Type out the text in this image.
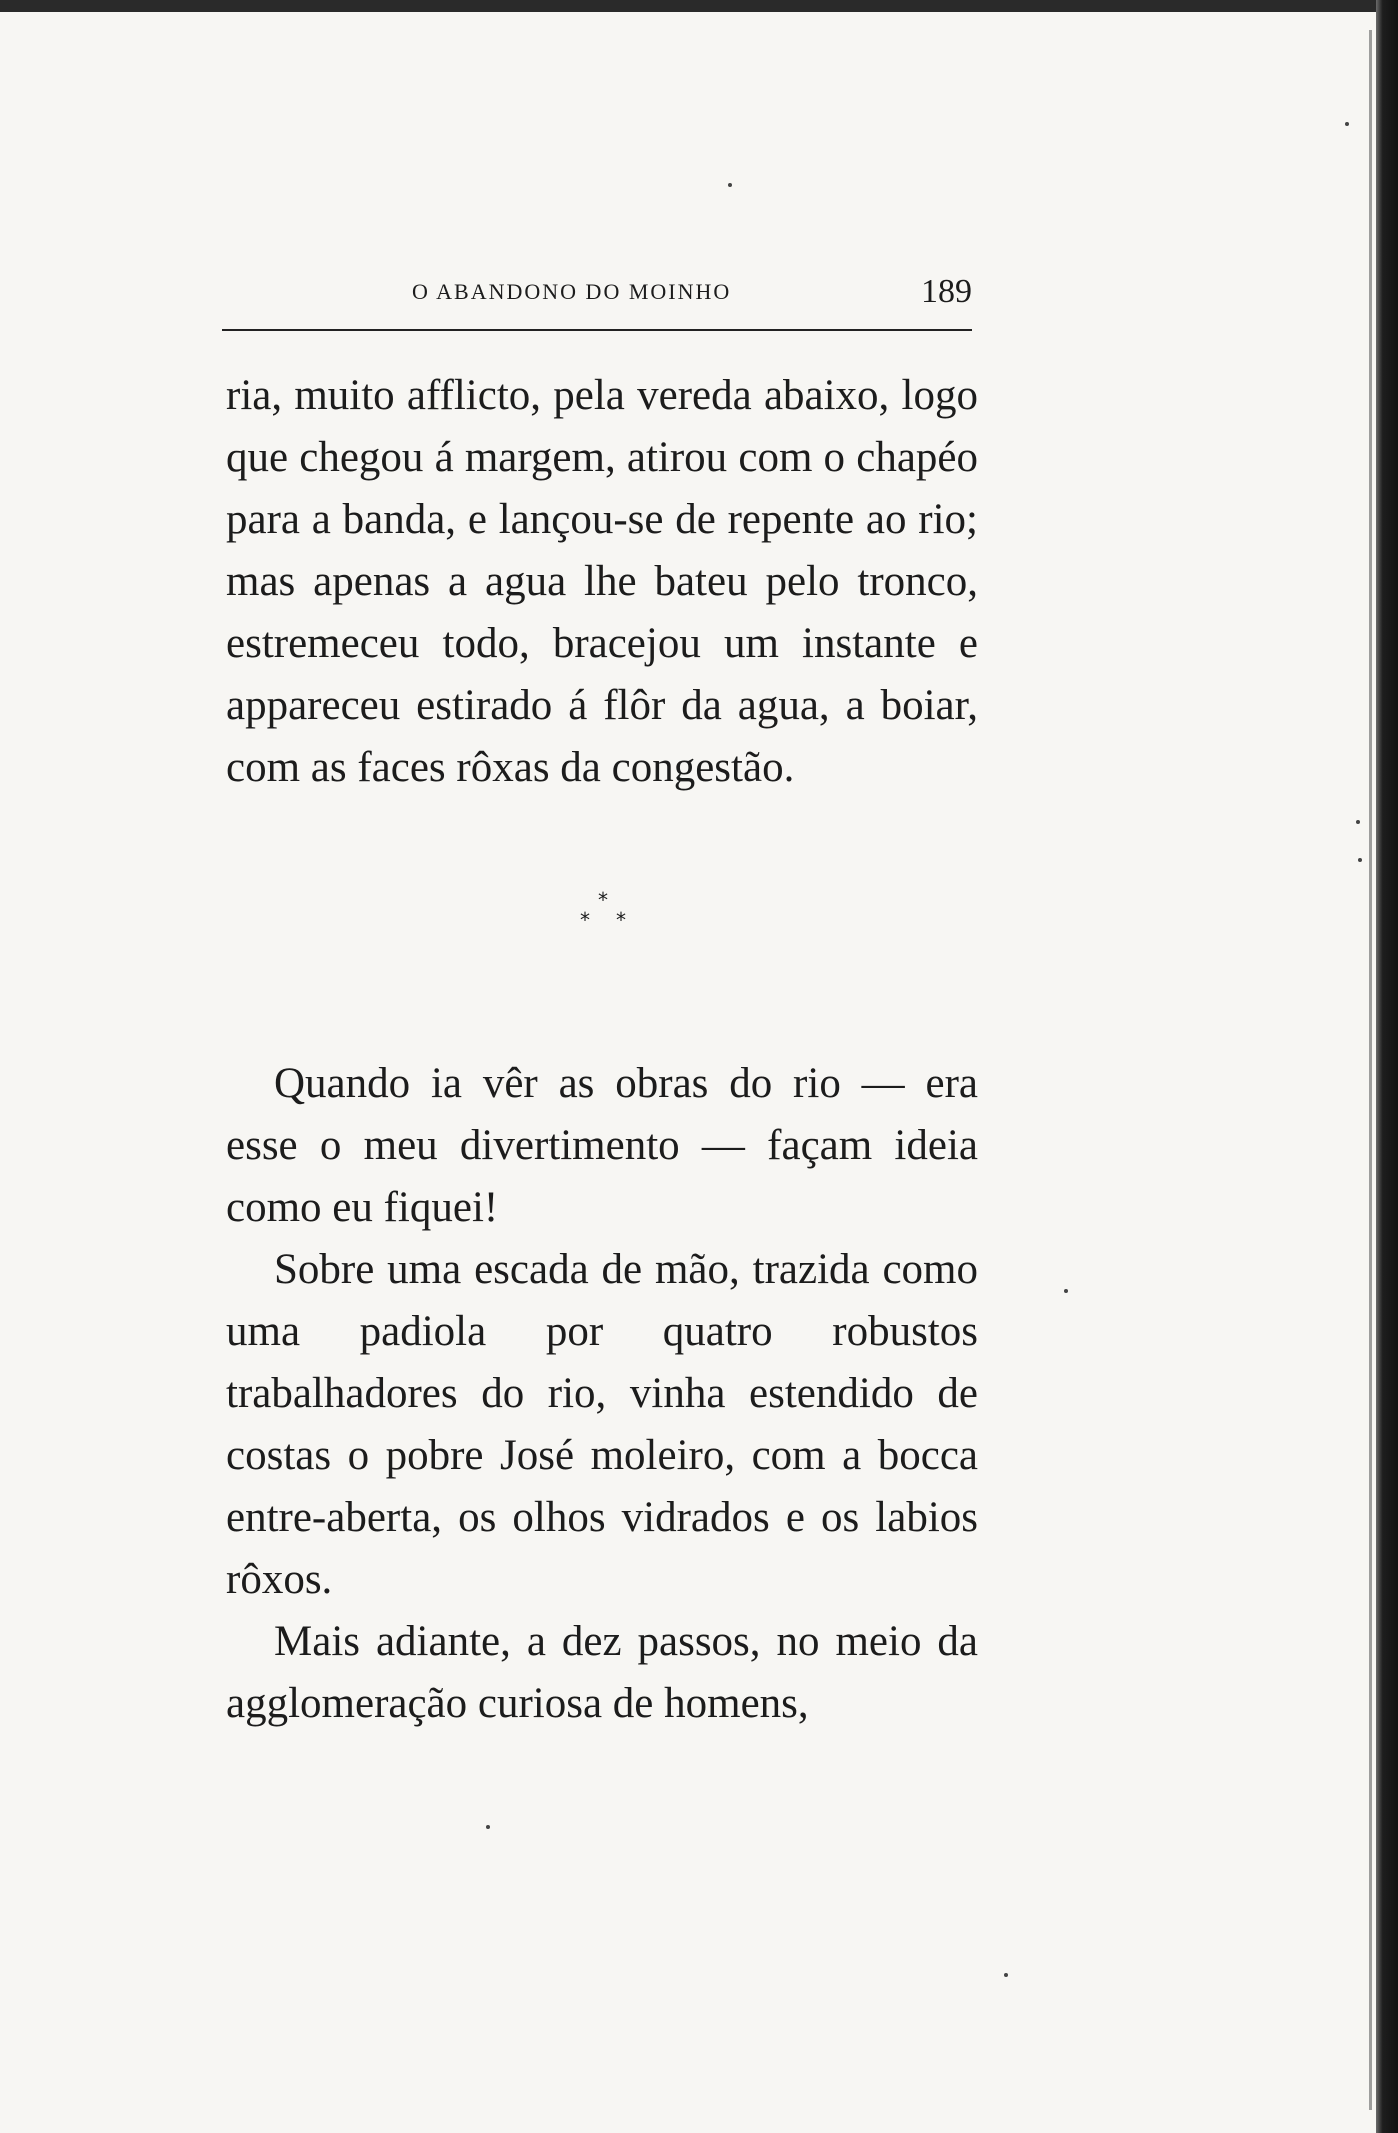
O ABANDONO DO MOINHO	189

ria, muito afflicto, pela vereda abaixo, logo que chegou á margem, atirou com o chapéo para a banda, e lançou-se de repente ao rio; mas apenas a agua lhe bateu pelo tronco, estremeceu todo, bracejou um instante e appareceu estirado á flôr da agua, a boiar, com as faces rôxas da congestão.

*
* *

Quando ia vêr as obras do rio — era esse o meu divertimento — façam ideia como eu fiquei!

Sobre uma escada de mão, trazida como uma padiola por quatro robustos trabalhadores do rio, vinha estendido de costas o pobre José moleiro, com a bocca entre-aberta, os olhos vidrados e os labios rôxos.

Mais adiante, a dez passos, no meio da agglomeração curiosa de homens,
